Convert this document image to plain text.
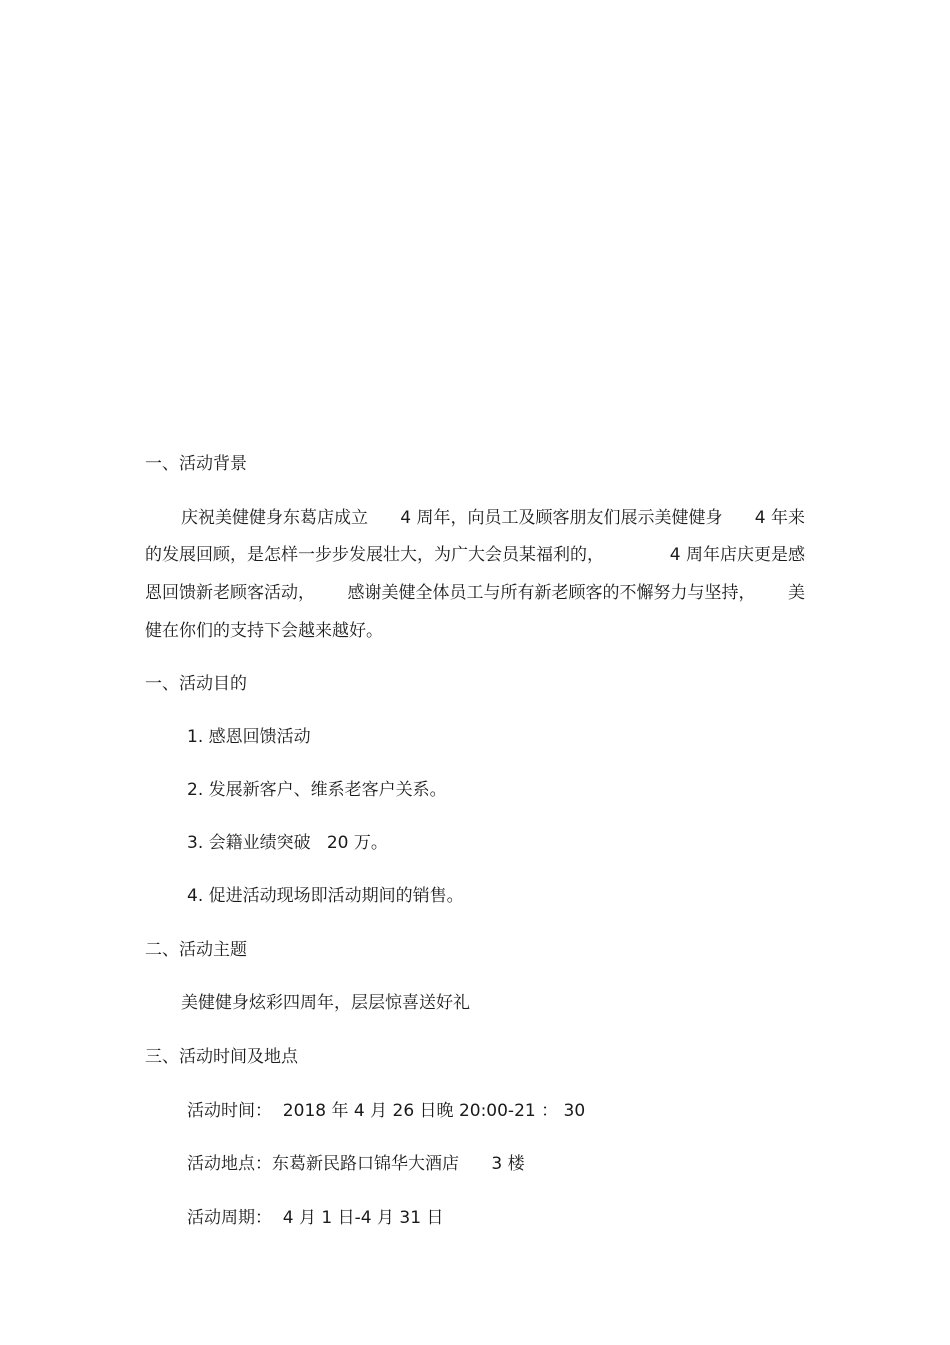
一、活动背景

庆祝美健健身东葛店成立 4 周年，向员工及顾客朋友们展示美健健身 4 年来
的发展回顾，是怎样一步步发展壮大，为广大会员某福利的，	4 周年店庆更是感
恩回馈新老顾客活动， 感谢美健全体员工与所有新老顾客的不懈努力与坚持， 美
健在你们的支持下会越来越好。

一、活动目的

1. 感恩回馈活动

2. 发展新客户、维系老客户关系。

3. 会籍业绩突破   20 万。

4. 促进活动现场即活动期间的销售。

二、活动主题

美健健身炫彩四周年，层层惊喜送好礼

三、活动时间及地点

活动时间：  2018 年 4 月 26 日晚 20:00-21 ： 30

活动地点：东葛新民路口锦华大酒店      3 楼

活动周期：  4 月 1 日-4 月 31 日
